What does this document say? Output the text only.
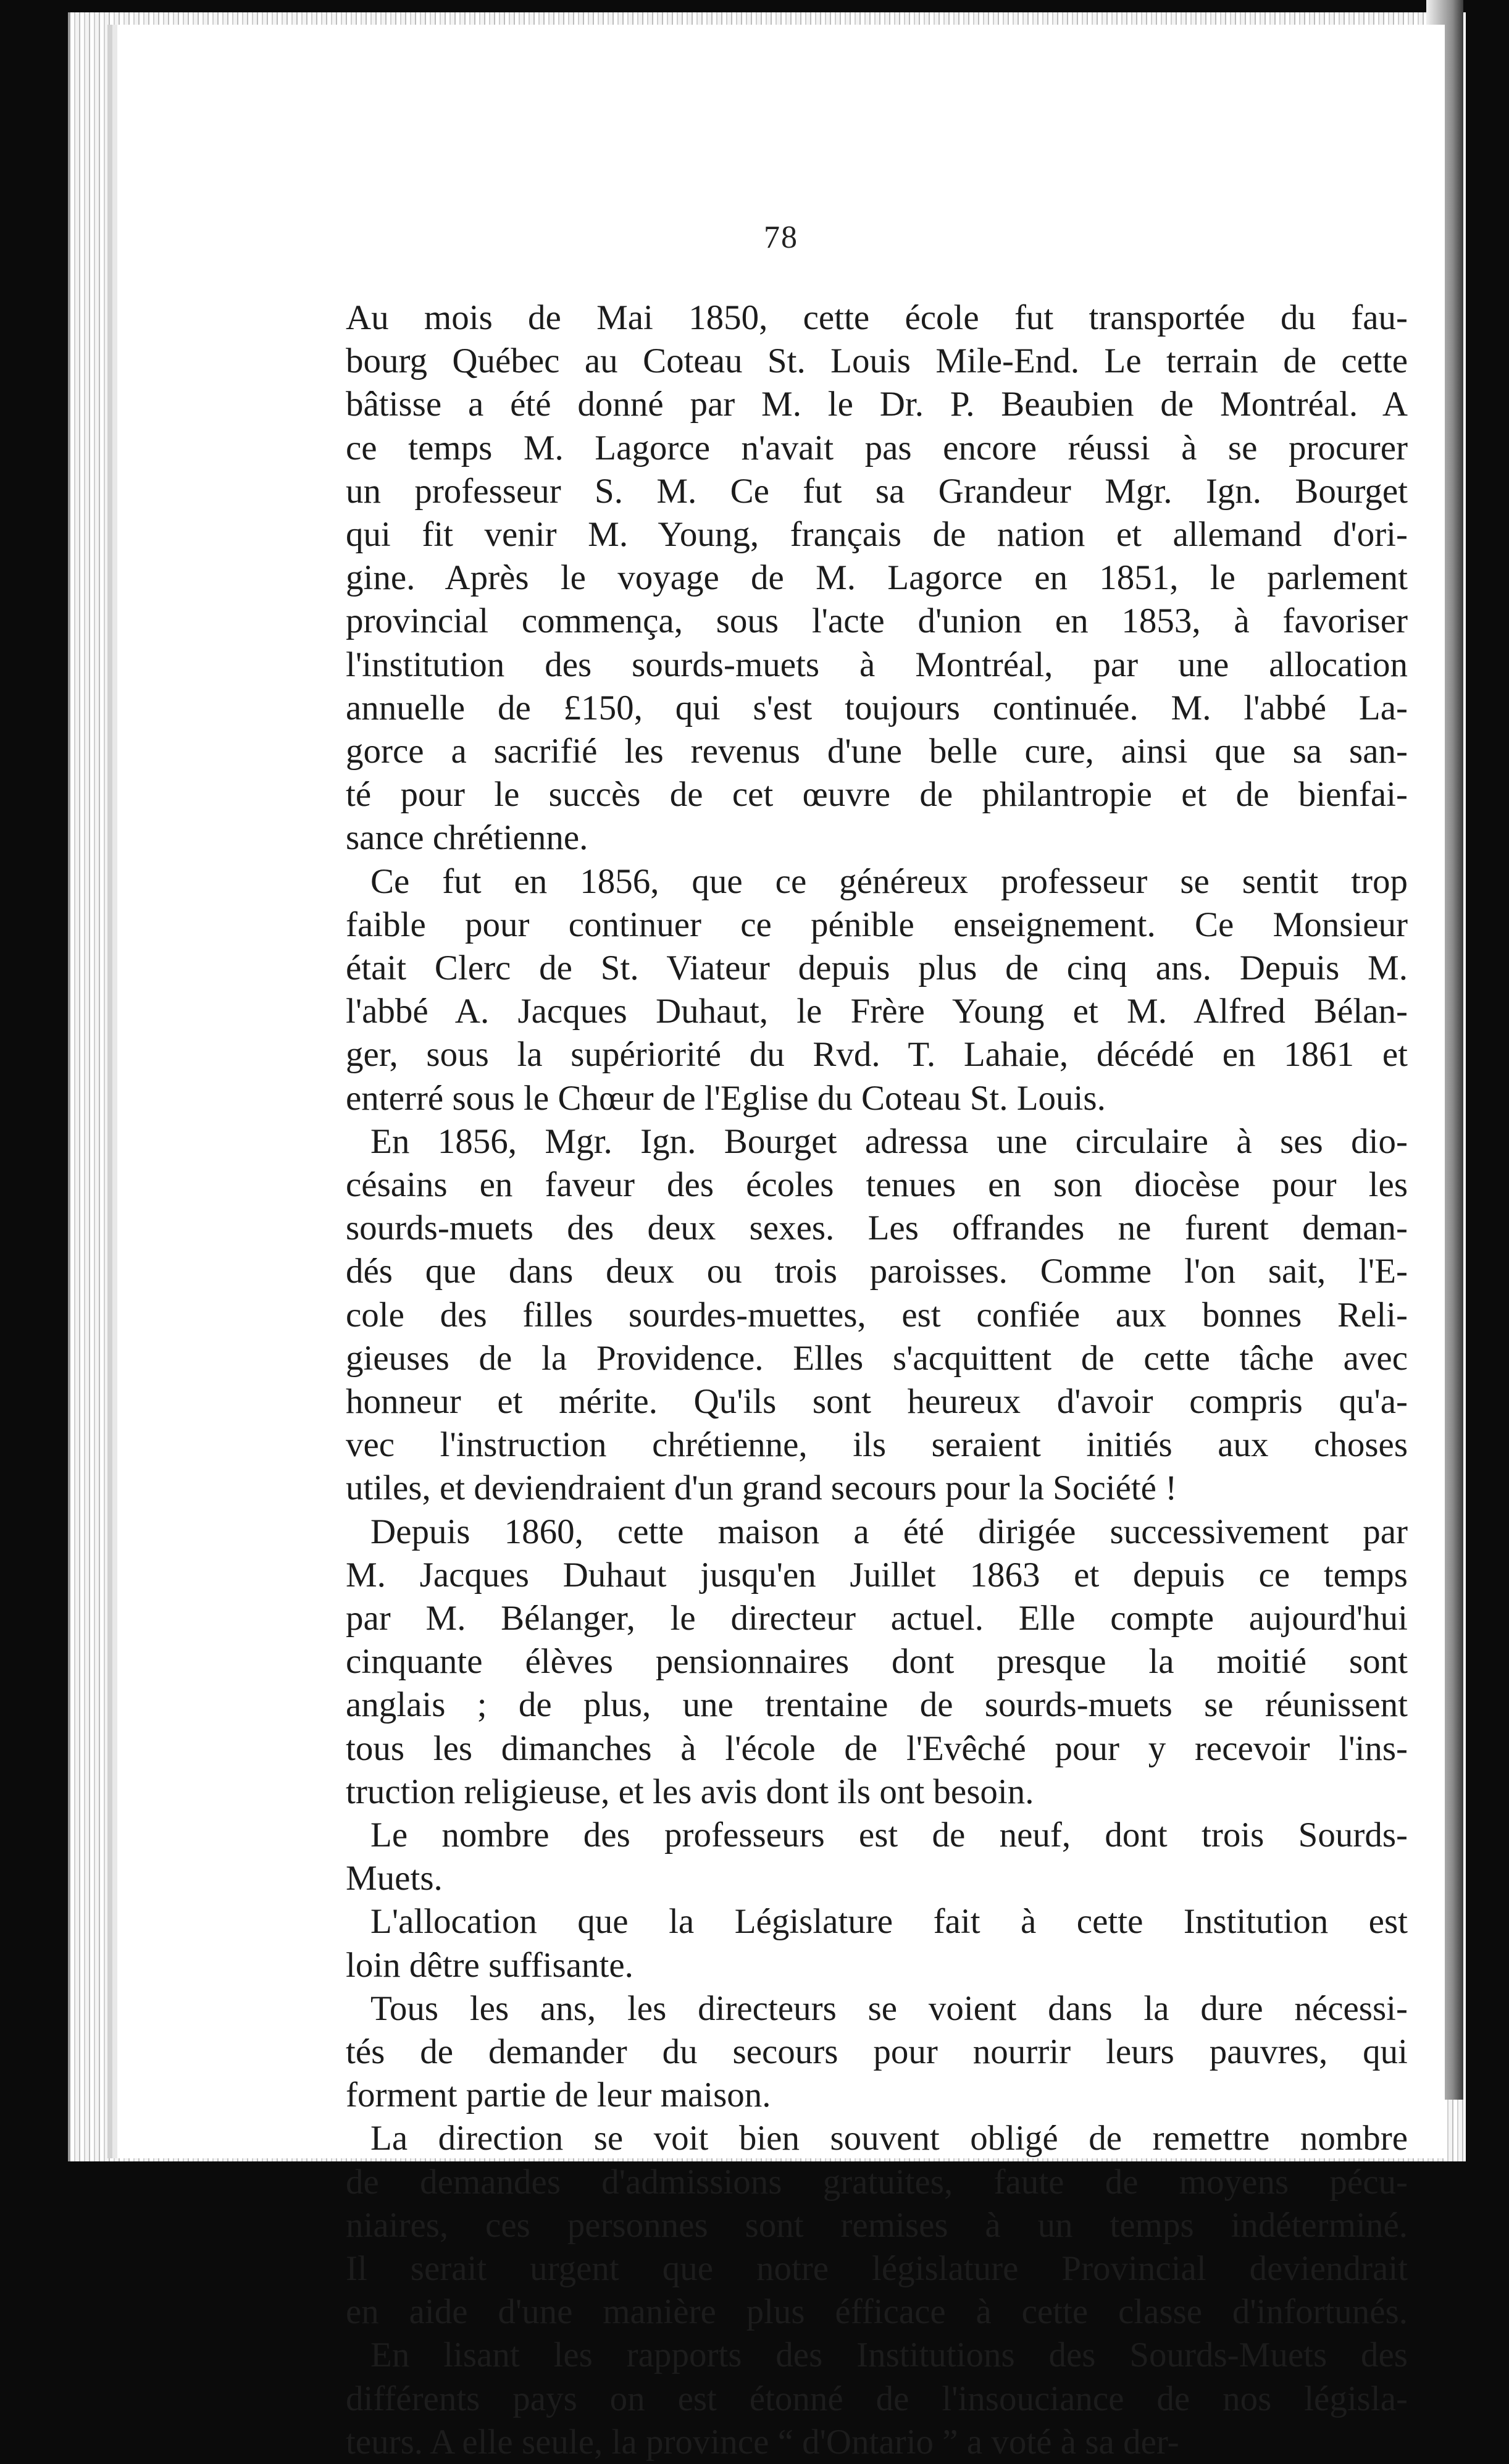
78
Au mois de Mai 1850, cette école fut transportée du fau-
bourg Québec au Coteau St. Louis Mile-End. Le terrain de cette
bâtisse a été donné par M. le Dr. P. Beaubien de Montréal. A
ce temps M. Lagorce n'avait pas encore réussi à se procurer
un professeur S. M. Ce fut sa Grandeur Mgr. Ign. Bourget
qui fit venir M. Young, français de nation et allemand d'ori-
gine. Après le voyage de M. Lagorce en 1851, le parlement
provincial commença, sous l'acte d'union en 1853, à favoriser
l'institution des sourds-muets à Montréal, par une allocation
annuelle de £150, qui s'est toujours continuée. M. l'abbé La-
gorce a sacrifié les revenus d'une belle cure, ainsi que sa san-
té pour le succès de cet œuvre de philantropie et de bienfai-
sance chrétienne.
Ce fut en 1856, que ce généreux professeur se sentit trop
faible pour continuer ce pénible enseignement. Ce Monsieur
était Clerc de St. Viateur depuis plus de cinq ans. Depuis M.
l'abbé A. Jacques Duhaut, le Frère Young et M. Alfred Bélan-
ger, sous la supériorité du Rvd. T. Lahaie, décédé en 1861 et
enterré sous le Chœur de l'Eglise du Coteau St. Louis.
En 1856, Mgr. Ign. Bourget adressa une circulaire à ses dio-
césains en faveur des écoles tenues en son diocèse pour les
sourds-muets des deux sexes. Les offrandes ne furent deman-
dés que dans deux ou trois paroisses. Comme l'on sait, l'E-
cole des filles sourdes-muettes, est confiée aux bonnes Reli-
gieuses de la Providence. Elles s'acquittent de cette tâche avec
honneur et mérite. Qu'ils sont heureux d'avoir compris qu'a-
vec l'instruction chrétienne, ils seraient initiés aux choses
utiles, et deviendraient d'un grand secours pour la Société !
Depuis 1860, cette maison a été dirigée successivement par
M. Jacques Duhaut jusqu'en Juillet 1863 et depuis ce temps
par M. Bélanger, le directeur actuel. Elle compte aujourd'hui
cinquante élèves pensionnaires dont presque la moitié sont
anglais ; de plus, une trentaine de sourds-muets se réunissent
tous les dimanches à l'école de l'Evêché pour y recevoir l'ins-
truction religieuse, et les avis dont ils ont besoin.
Le nombre des professeurs est de neuf, dont trois Sourds-
Muets.
L'allocation que la Législature fait à cette Institution est
loin dêtre suffisante.
Tous les ans, les directeurs se voient dans la dure nécessi-
tés de demander du secours pour nourrir leurs pauvres, qui
forment partie de leur maison.
La direction se voit bien souvent obligé de remettre nombre
de demandes d'admissions gratuites, faute de moyens pécu-
niaires, ces personnes sont remises à un temps indéterminé.
Il serait urgent que notre législature Provincial deviendrait
en aide d'une manière plus éfficace à cette classe d'infortunés.
En lisant les rapports des Institutions des Sourds-Muets des
différents pays on est étonné de l'insouciance de nos législa-
teurs. A elle seule, la province “ d'Ontario ” a voté à sa der-
